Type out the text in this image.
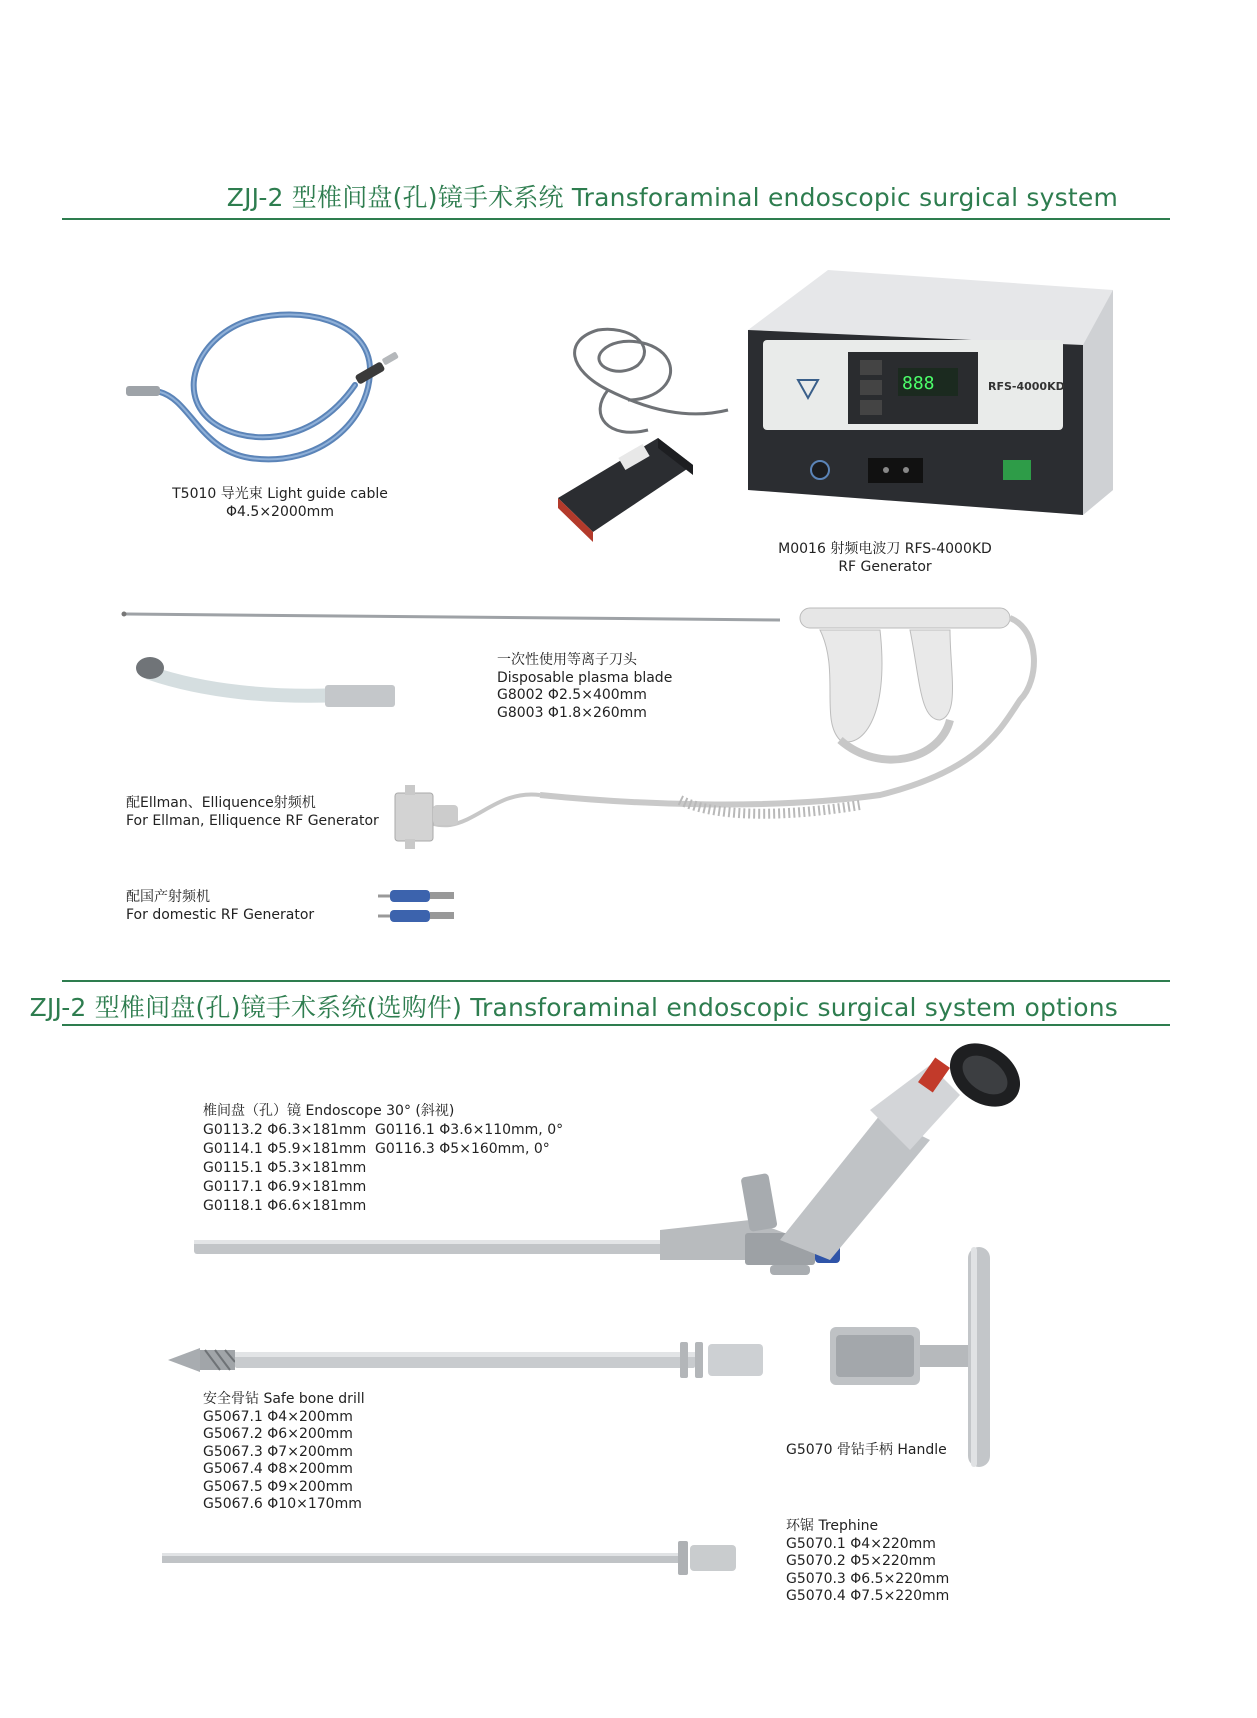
ZJJ-2 型椎间盘(孔)镜手术系统 Transforaminal endoscopic surgical system
T5010 导光束 Light guide cable
Φ4.5×2000mm
888	RFS-4000KD
M0016 射频电波刀 RFS-4000KD
RF Generator
一次性使用等离子刀头
Disposable plasma blade
G8002 Φ2.5×400mm
G8003 Φ1.8×260mm
配Ellman、Elliquence射频机
For Ellman, Elliquence RF Generator
配国产射频机
For domestic RF Generator
ZJJ-2 型椎间盘(孔)镜手术系统(选购件) Transforaminal endoscopic surgical system options
椎间盘（孔）镜 Endoscope 30° (斜视)
G0113.2 Φ6.3×181mm G0116.1 Φ3.6×110mm, 0°
G0114.1 Φ5.9×181mm G0116.3 Φ5×160mm, 0°
G0115.1 Φ5.3×181mm
G0117.1 Φ6.9×181mm
G0118.1 Φ6.6×181mm
安全骨钻 Safe bone drill
G5067.1 Φ4×200mm
G5067.2 Φ6×200mm
G5067.3 Φ7×200mm
G5067.4 Φ8×200mm
G5067.5 Φ9×200mm
G5067.6 Φ10×170mm
G5070 骨钻手柄 Handle
环锯 Trephine
G5070.1 Φ4×220mm
G5070.2 Φ5×220mm
G5070.3 Φ6.5×220mm
G5070.4 Φ7.5×220mm
